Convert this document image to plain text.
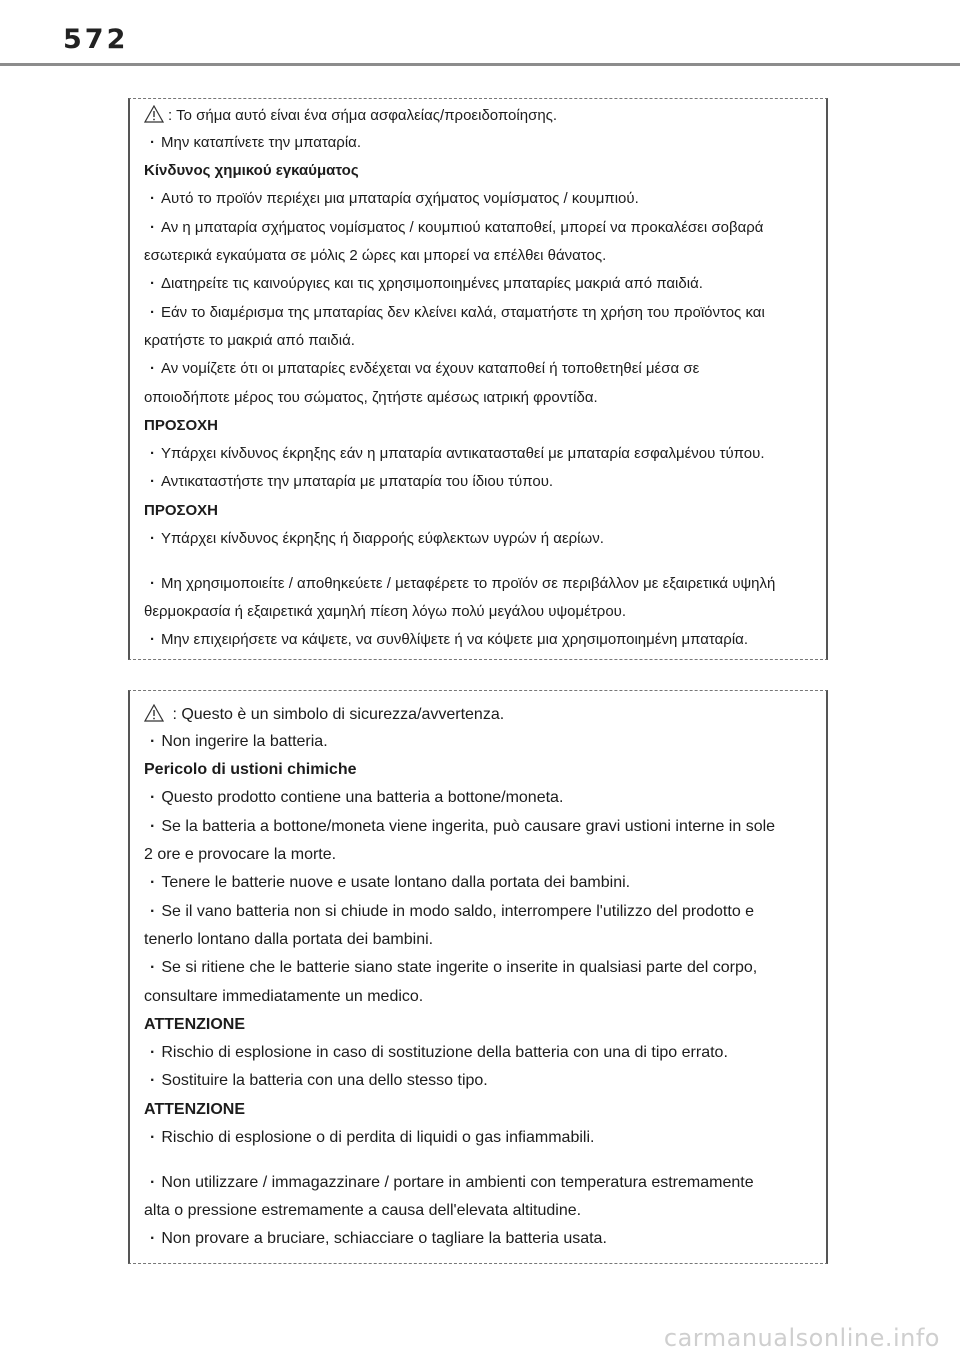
572
: Το σήμα αυτό είναι ένα σήμα ασφαλείας/προειδοποίησης.
· Μην καταπίνετε την μπαταρία.
Κίνδυνος χημικού εγκαύματος
· Αυτό το προϊόν περιέχει μια μπαταρία σχήματος νομίσματος / κουμπιού.
· Αν η μπαταρία σχήματος νομίσματος / κουμπιού καταποθεί, μπορεί να προκαλέσει σοβαρά
εσωτερικά εγκαύματα σε μόλις 2 ώρες και μπορεί να επέλθει θάνατος.
· Διατηρείτε τις καινούργιες και τις χρησιμοποιημένες μπαταρίες μακριά από παιδιά.
· Εάν το διαμέρισμα της μπαταρίας δεν κλείνει καλά, σταματήστε τη χρήση του προϊόντος και
κρατήστε το μακριά από παιδιά.
· Αν νομίζετε ότι οι μπαταρίες ενδέχεται να έχουν καταποθεί ή τοποθετηθεί μέσα σε
οποιοδήποτε μέρος του σώματος, ζητήστε αμέσως ιατρική φροντίδα.
ΠΡΟΣΟΧΗ
· Υπάρχει κίνδυνος έκρηξης εάν η μπαταρία αντικατασταθεί με μπαταρία εσφαλμένου τύπου.
· Αντικαταστήστε την μπαταρία με μπαταρία του ίδιου τύπου.
ΠΡΟΣΟΧΗ
· Υπάρχει κίνδυνος έκρηξης ή διαρροής εύφλεκτων υγρών ή αερίων.
· Μη χρησιμοποιείτε / αποθηκεύετε / μεταφέρετε το προϊόν σε περιβάλλον με εξαιρετικά υψηλή
θερμοκρασία ή εξαιρετικά χαμηλή πίεση λόγω πολύ μεγάλου υψομέτρου.
· Μην επιχειρήσετε να κάψετε, να συνθλίψετε ή να κόψετε μια χρησιμοποιημένη μπαταρία.
: Questo è un simbolo di sicurezza/avvertenza.
· Non ingerire la batteria.
Pericolo di ustioni chimiche
· Questo prodotto contiene una batteria a bottone/moneta.
· Se la batteria a bottone/moneta viene ingerita, può causare gravi ustioni interne in sole
2 ore e provocare la morte.
· Tenere le batterie nuove e usate lontano dalla portata dei bambini.
· Se il vano batteria non si chiude in modo saldo, interrompere l'utilizzo del prodotto e
tenerlo lontano dalla portata dei bambini.
· Se si ritiene che le batterie siano state ingerite o inserite in qualsiasi parte del corpo,
consultare immediatamente un medico.
ATTENZIONE
· Rischio di esplosione in caso di sostituzione della batteria con una di tipo errato.
· Sostituire la batteria con una dello stesso tipo.
ATTENZIONE
· Rischio di esplosione o di perdita di liquidi o gas infiammabili.
· Non utilizzare / immagazzinare / portare in ambienti con temperatura estremamente
alta o pressione estremamente a causa dell'elevata altitudine.
· Non provare a bruciare, schiacciare o tagliare la batteria usata.
carmanualsonline.info
